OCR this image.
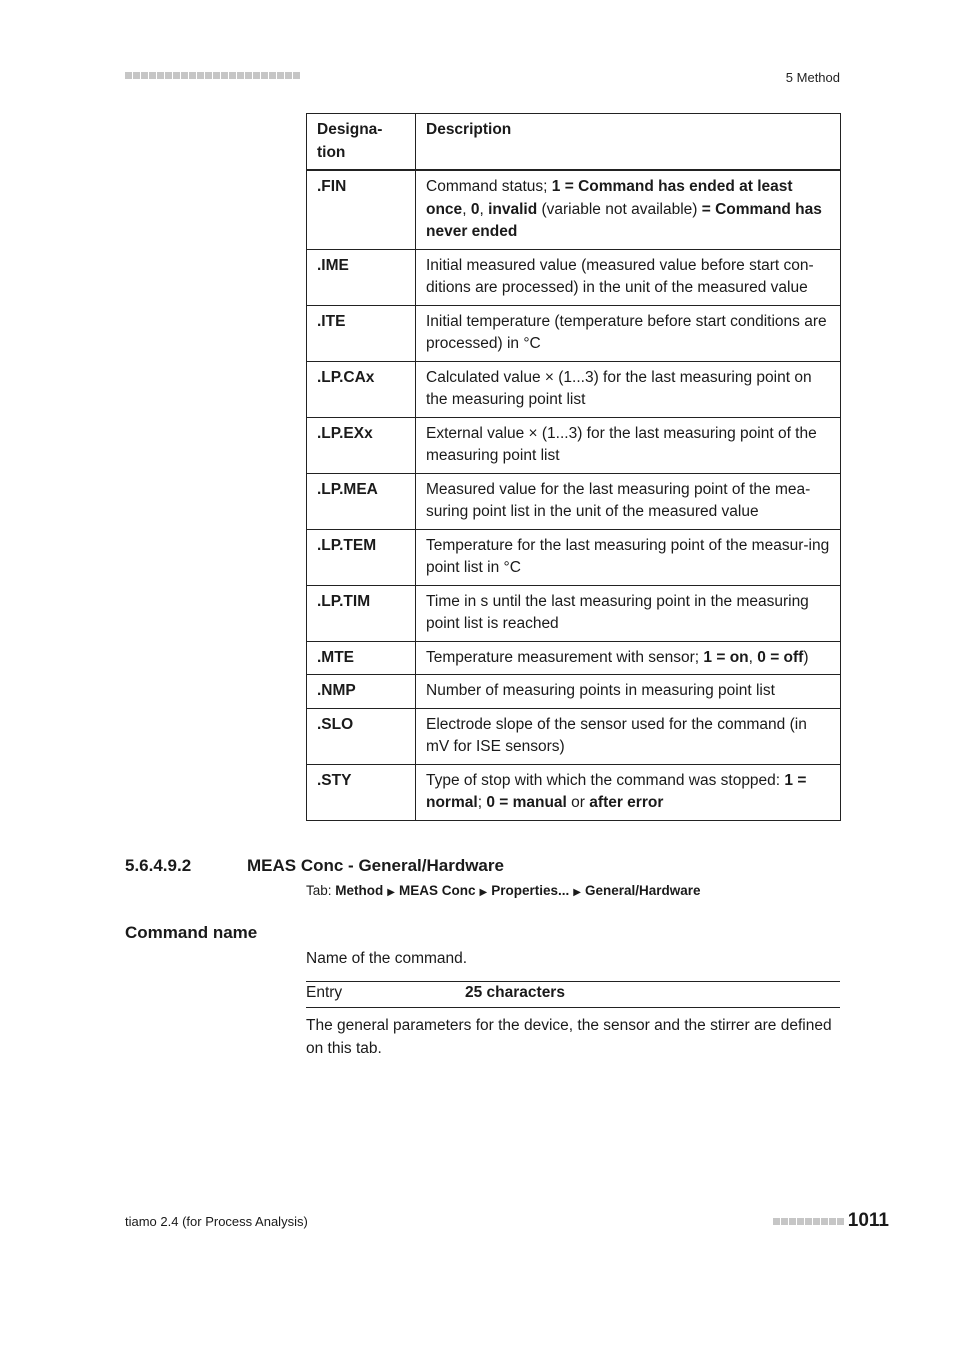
5 Method
Designa-
tion	Description
.FIN	Command status; 1 = Command has ended at least once, 0, invalid (variable not available) = Command has never ended
.IME	Initial measured value (measured value before start con-ditions are processed) in the unit of the measured value
.ITE	Initial temperature (temperature before start conditions are processed) in °C
.LP.CAx	Calculated value × (1...3) for the last measuring point on the measuring point list
.LP.EXx	External value × (1...3) for the last measuring point of the measuring point list
.LP.MEA	Measured value for the last measuring point of the mea-suring point list in the unit of the measured value
.LP.TEM	Temperature for the last measuring point of the measur-ing point list in °C
.LP.TIM	Time in s until the last measuring point in the measuring point list is reached
.MTE	Temperature measurement with sensor; 1 = on, 0 = off)
.NMP	Number of measuring points in measuring point list
.SLO	Electrode slope of the sensor used for the command (in mV for ISE sensors)
.STY	Type of stop with which the command was stopped: 1 = normal; 0 = manual or after error
5.6.4.9.2	MEAS Conc - General/Hardware
Tab: Method ▶ MEAS Conc ▶ Properties... ▶ General/Hardware
Command name
Name of the command.
Entry	25 characters
The general parameters for the device, the sensor and the stirrer are defined on this tab.
tiamo 2.4 (for Process Analysis)	1011
